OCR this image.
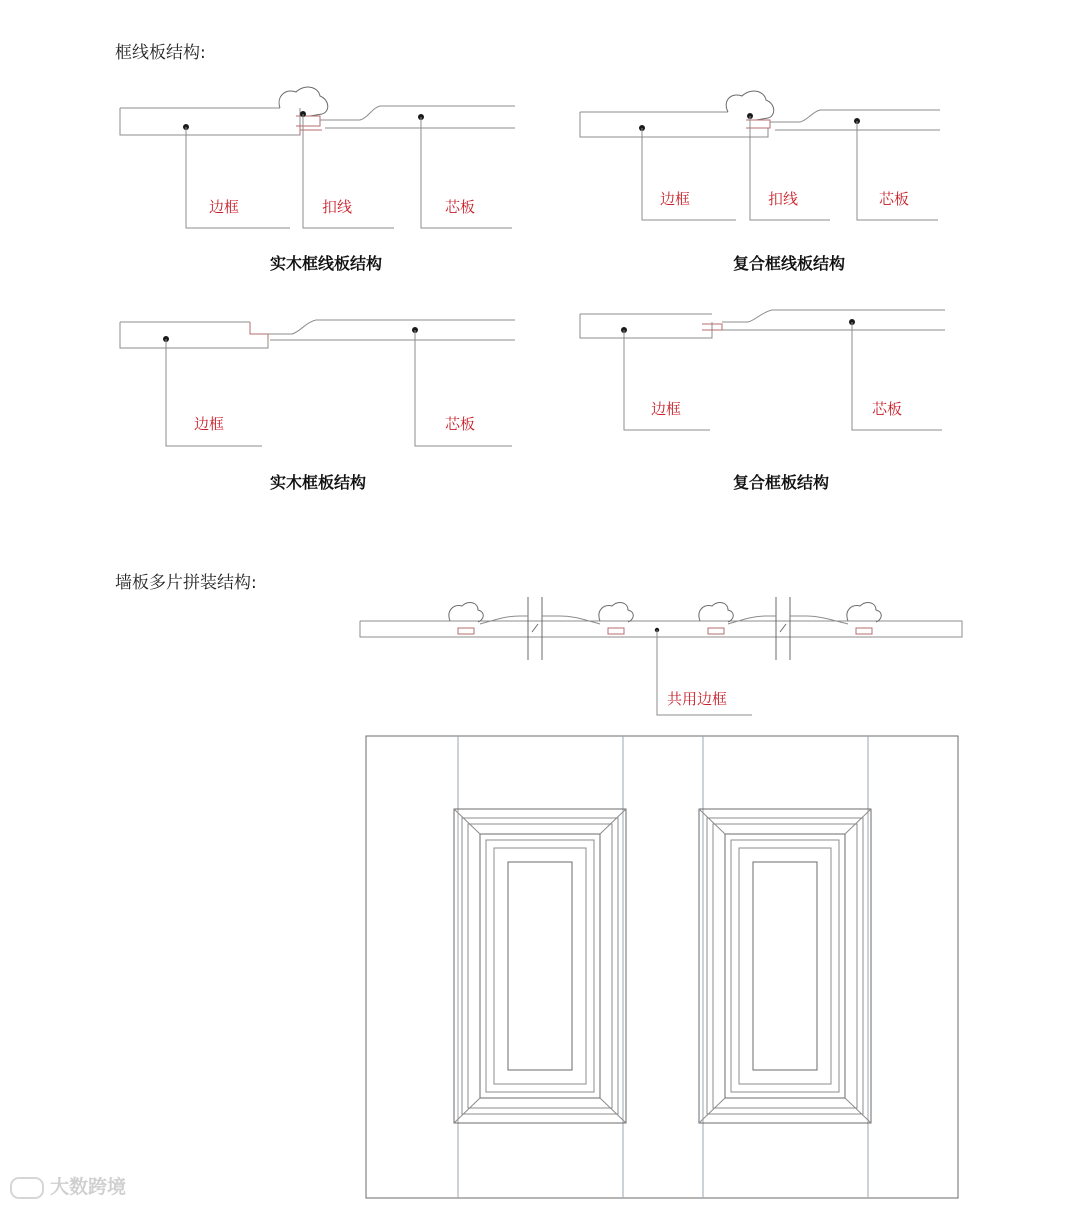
框线板结构:
边框	扣线	芯板
实木框线板结构
边框	扣线	芯板
复合框线板结构
边框	芯板
实木框板结构
边框	芯板
复合框板结构
墙板多片拼装结构:
共用边框
大数跨境
